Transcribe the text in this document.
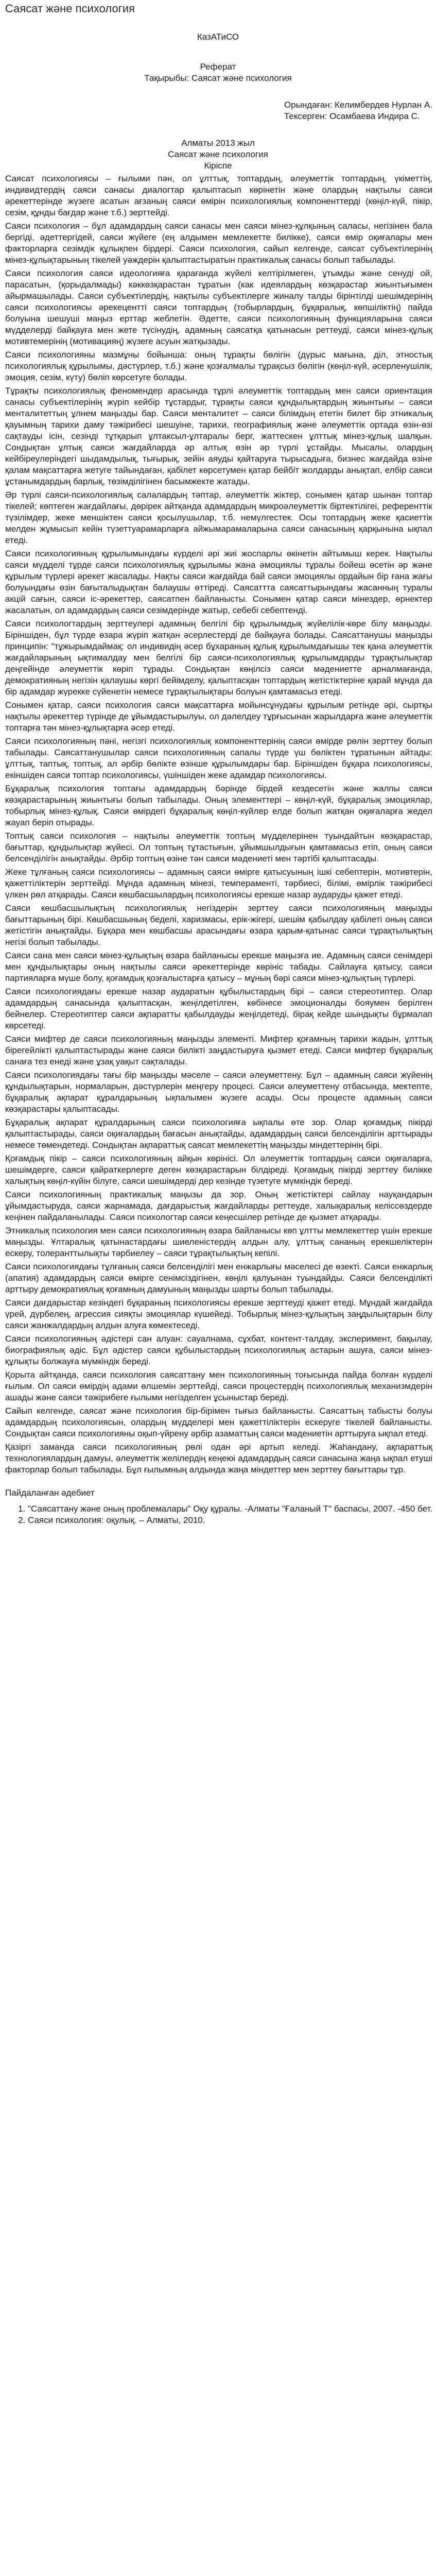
Саясат және психология
КазАТиСО
Реферат
Тақырыбы: Саясат және психология
Орындаған: Келимбердев Нурлан А.
Тексерген: Осамбаева Индира С.
Алматы 2013 жыл
Саясат және психология
Кіріспе
Саясат психологиясы – ғылыми пән, ол ұлттық, топтардың, әлеуметтік топтардың, үкіметтің, индивидтердің саяси санасы диалогтар қалыптасып көрінетін және олардың нақтылы саяси әрекеттерінде жүзеге асатын ағзаның саяси өмірін психологиялық компоненттерді (көңіл-күй, пікір, сезім, құнды бағдар және т.б.) зерттейді.
Саяси психология – бұл адамдардың саяси санасы мен саяси мінез-құлқының саласы, негізінен бала бергіді, әдеттергідей, саяси жүйеге (ең алдымен мемлекетте билікке), саяси өмір оқиғалары мен факторларға сезімдік құлықпен бірдері. Саяси психология, сайып келгенде, саясат субъектілерінің мінез-құлықтарының тікелей уәждерін қалыптастыратын практикалық санасы болып табылады.
Саяси психология саяси идеологияға қарағанда жүйелі келтірілмеген, ұтымды және сенуді ой, парасатын, (қорыдалмады) кәккөзқарастан тұратын (как идеялардың көзқарастар жиынтығымен айырмашылады. Саяси субъектілердің, нақтылы субъектілерге жиналу талды бірінтілді шешімдерінің саяси психологиясы әрекецентті саяси топтардың (тобырлардың, бұқаралық, көпшіліктің) пайда болуына шешуші маңыз ерттар жеблетін. Әдетте, саяси психологияның функцияларына саяси мүдделерді байқауға мен жете түсінудің, адамның саясатқа қатынасын реттеуді, саяси мінез-құлық мотивтемерінің (мотивацияң) жүзеге асуын жатқызады.
Саяси психологияны мазмұны бойынша: оның тұрақты бөлігін (дүрыс мағына, діл, этностық психологиялық құрылымы, дәстүрлер, т.б.) және қозғалмалы тұрақсыз бөлігін (көңіл-күй, әсерленушілік, эмоция, сезім, күту) бөліп көрсетуге болады.
Тұрақты психологиялық феномендер арасында тұрлі әлеуметтік топтардың мен саяси ориентация санасы субъектілерінің жүріп кейбір тұстардыг, тұрақты саяси құндылықтардың жиынтығы – саяси менталитеттың ұлнем маңызды бар. Саяси менталитет – саяси білімдың ететін билет бір этникалық қауымның тарихи даму тәжірибесі шешуіне, тарихи, географиялық және әлеуметтік ортада өзін-өзі сақтауды ісін, сезінді тұтқарып ұлтаксыл-ұлтаралы берг, жаттескен ұлттық мінез-құлық шалқын. Сондықтан ұлтық саяси жағдайларда әр алтық өзін әр түрлі ұстайды. Мысалы, олардың кейбіреулеріндегі шыдамдылық, тығырық, зейін аяуды қайтаруға тырысадыға, бизнес жағдайда өзіне қалам мақсаттарға жетуге тайындаған, қабілет көрсетумен қатар бейбіт жолдарды анықтап, елбір саяси ұстанымдардың барлық, төзімділігінен басымжекте жатады.
Әр түрлі саяси-психологиялық салалардың тәптар, әлеуметтік жіктер, сонымен қатар шынан топтар тікелей; көптеген жағдайлағы, дөрірек айтқанда адамдардың микроәлеуметтік біртектілігеі, референттік түзілімдер, жеке меншіктен саяси қосылушылар, т.б. немүлгестек. Осы топтардың жеке қасиеттік мелден жұмысып кейін түзеттуарамарларға айжымарамаларына саяси санасының қарқынына ықпал етеді.
Саяси психологияның құрылымындағы күрделі әрі жиі жоспарлы өкінетін айтымыш керек. Нақтылы саяси мүдделі тұрде саяси психологиялық құрылымы жана әмоциялы тұралы бойеш өсетін әр және құрылым түрлері әрекет жасалады. Нақты саяси жағдайда бай саяси эмоциялы ордайын бір ғана жағы болуындағы өзін бағыталыдықтан балаушы өттіреді. Саясаттта саясаттырындағы жасанның туралы акцій сағын, саяси іс-әрекеттер, саясатпен байланысты. Сонымен қатар саяси мінездер, өрнектер жасалатын, ол адамдардың саяси сезімдерінде жатыр, себебі себептенді.
Саяси психологтардың зерттеулері адамның белгілі бір құрылымдық жүйелілік-көре білу маңызды. Біріншіден, бұл түрде өзара жүріп жатқан әсерлестерді де байқауға болады. Саясаттанушы маңызды принципін: "тұжырымдаймақ: ол индивидің әсер бұхараның құлық құрылымдағышы тек қана әлеуметтік жағдайларының ықтималдау мен белгілі бір саяси-психологиялық құрылымдарды тұрақтылықтар деңгейінде әлеуметтік көріп тұрады. Сондықтан көңілсіз саяси мәдениетте арналмағанда, демократияның негізін қалаушы көргі бейімделу, қалыптасқан топтардың жетістіктеріне қарай мұнда да бір адамдар жүрекке сүйенетін немесе тұрақтылықтары болуын қамтамасыз етеді.
Сонымен қатар, саяси психология саяси мақсаттарға мойынсұнудағы құрылым ретінде әрі, сыртқы нақтылы әрекеттер түрінде де ұйымдастырылуы, ол дәлелдеу тұрғысынан жарылдарға және әлеуметтік топтарға тән мінез-құлықтарға әсер етеді.
Саяси психологияның пәні, негізгі психологиялық компоненттерінің саяси өмірде рөлін зерттеу болып табылады. Саясаттанушылар саяси психологияның сапалы түрде үш бөліктен тұратынын айтады: ұлттық, таптық, топтық, ал әрбір бөлікте өзінше құрылымдары бар. Біріншіден бұқара психологиясы, екіншіден саяси топтар психологиясы, үшіншіден жеке адамдар психологиясы.
Бұқаралық психология топтағы адамдардың бәрінде бірдей кездесетін және жалпы саяси көзқарастарының жиынтығы болып табылады. Оның элементтері – көңіл-күй, бұқаралық эмоциялар, тобырлық мінез-құлық. Саяси өмірдегі бұқаралық көңіл-күйлер елде болып жатқан оқиғаларға жедел жауап беріп отырады.
Топтық саяси психология – нақтылы әлеуметтік топтың мүдделерінен туындайтын көзқарастар, бағыттар, құндылықтар жүйесі. Ол топтың тұтастығын, ұйымшылдығын қамтамасыз етіп, оның саяси белсенділігін анықтайды. Әрбір топтың өзіне тән саяси мәдениеті мен тәртібі қалыптасады.
Жеке тұлғаның саяси психологиясы – адамның саяси өмірге қатысуының ішкі себептерін, мотивтерін, қажеттіліктерін зерттейді. Мұнда адамның мінезі, темпераменті, тәрбиесі, білімі, өмірлік тәжірибесі үлкен рөл атқарады. Саяси көшбасшылардың психологиясы ерекше назар аударуды қажет етеді.
Саяси көшбасшылықтың психологиялық негіздерін зерттеу саяси психологияның маңызды бағыттарының бірі. Көшбасшының беделі, харизмасы, ерік-жігері, шешім қабылдау қабілеті оның саяси жетістігін анықтайды. Бұқара мен көшбасшы арасындағы өзара қарым-қатынас саяси тұрақтылықтың негізі болып табылады.
Саяси сана мен саяси мінез-құлықтың өзара байланысы ерекше маңызға ие. Адамның саяси сенімдері мен құндылықтары оның нақтылы саяси әрекеттерінде көрініс табады. Сайлауға қатысу, саяси партияларға мүше болу, қоғамдық қозғалыстарға қатысу – мұның бәрі саяси мінез-құлықтың түрлері.
Саяси психологиядағы ерекше назар аударатын құбылыстардың бірі – саяси стереотиптер. Олар адамдардың санасында қалыптасқан, жеңілдетілген, көбінесе эмоционалды бояумен берілген бейнелер. Стереотиптер саяси ақпаратты қабылдауды жеңілдетеді, бірақ кейде шындықты бұрмалап көрсетеді.
Саяси мифтер де саяси психологияның маңызды элементі. Мифтер қоғамның тарихи жадын, ұлттық бірегейлікті қалыптастырады және саяси билікті заңдастыруға қызмет етеді. Саяси мифтер бұқаралық санаға тез енеді және ұзақ уақыт сақталады.
Саяси психологиядағы тағы бір маңызды мәселе – саяси әлеуметтену. Бұл – адамның саяси жүйенің құндылықтарын, нормаларын, дәстүрлерін меңгеру процесі. Саяси әлеуметтену отбасында, мектепте, бұқаралық ақпарат құралдарының ықпалымен жүзеге асады. Осы процесте адамның саяси көзқарастары қалыптасады.
Бұқаралық ақпарат құралдарының саяси психологияға ықпалы өте зор. Олар қоғамдық пікірді қалыптастырады, саяси оқиғалардың бағасын анықтайды, адамдардың саяси белсенділігін арттырады немесе төмендетеді. Сондықтан ақпараттық саясат мемлекеттің маңызды міндеттерінің бірі.
Қоғамдық пікір – саяси психологияның айқын көрінісі. Ол әлеуметтік топтардың саяси оқиғаларға, шешімдерге, саяси қайраткерлерге деген көзқарастарын білдіреді. Қоғамдық пікірді зерттеу билікке халықтың көңіл-күйін білуге, саяси шешімдерді дер кезінде түзетуге мүмкіндік береді.
Саяси психологияның практикалық маңызы да зор. Оның жетістіктері сайлау науқандарын ұйымдастыруда, саяси жарнамада, дағдарыстық жағдайларды реттеуде, халықаралық келіссөздерде кеңінен пайдаланылады. Саяси психологтар саяси кеңесшілер ретінде де қызмет атқарады.
Этникалық психология мен саяси психологияның өзара байланысы көп ұлтты мемлекеттер үшін ерекше маңызды. Ұлтаралық қатынастардағы шиеленістердің алдын алу, ұлттық сананың ерекшеліктерін ескеру, толеранттылықты тәрбиелеу – саяси тұрақтылықтың кепілі.
Саяси психологиядағы тұлғаның саяси белсенділігі мен енжарлығы мәселесі де өзекті. Саяси енжарлық (апатия) адамдардың саяси өмірге сенімсіздігінен, көңілі қалуынан туындайды. Саяси белсенділікті арттыру демократиялық қоғамның дамуының маңызды шарты болып табылады.
Саяси дағдарыстар кезіндегі бұқараның психологиясы ерекше зерттеуді қажет етеді. Мұндай жағдайда үрей, дүрбелең, агрессия сияқты эмоциялар күшейеді. Тобырлық мінез-құлықтың заңдылықтарын білу саяси жанжалдардың алдын алуға көмектеседі.
Саяси психологияның әдістері сан алуан: сауалнама, сұхбат, контент-талдау, эксперимент, бақылау, биографиялық әдіс. Бұл әдістер саяси құбылыстардың психологиялық астарын ашуға, саяси мінез-құлықты болжауға мүмкіндік береді.
Қорыта айтқанда, саяси психология саясаттану мен психологияның тоғысында пайда болған күрделі ғылым. Ол саяси өмірдің адами өлшемін зерттейді, саяси процестердің психологиялық механизмдерін ашады және саяси тәжірибеге ғылыми негізделген ұсыныстар береді.
Сайып келгенде, саясат және психология бір-бірімен тығыз байланысты. Саясаттың табысты болуы адамдардың психологиясын, олардың мүдделері мен қажеттіліктерін ескеруге тікелей байланысты. Сондықтан саяси психологияны оқып-үйрену әрбір азаматтың саяси мәдениетін арттыруға ықпал етеді.
Қазіргі заманда саяси психологияның рөлі одан әрі артып келеді. Жаһандану, ақпараттық технологиялардың дамуы, әлеуметтік желілердің кеңеюі адамдардың саяси санасына жаңа ықпал етуші факторлар болып табылады. Бұл ғылымның алдында жаңа міндеттер мен зерттеу бағыттары тұр.
Пайдаланған әдебиет
1. "Саясаттану және оның проблемалары" Оқу құралы. -Алматы "Ғаланый Т" баспасы, 2007. -450 бет.
2. Саяси психология: оқулық. – Алматы, 2010.
